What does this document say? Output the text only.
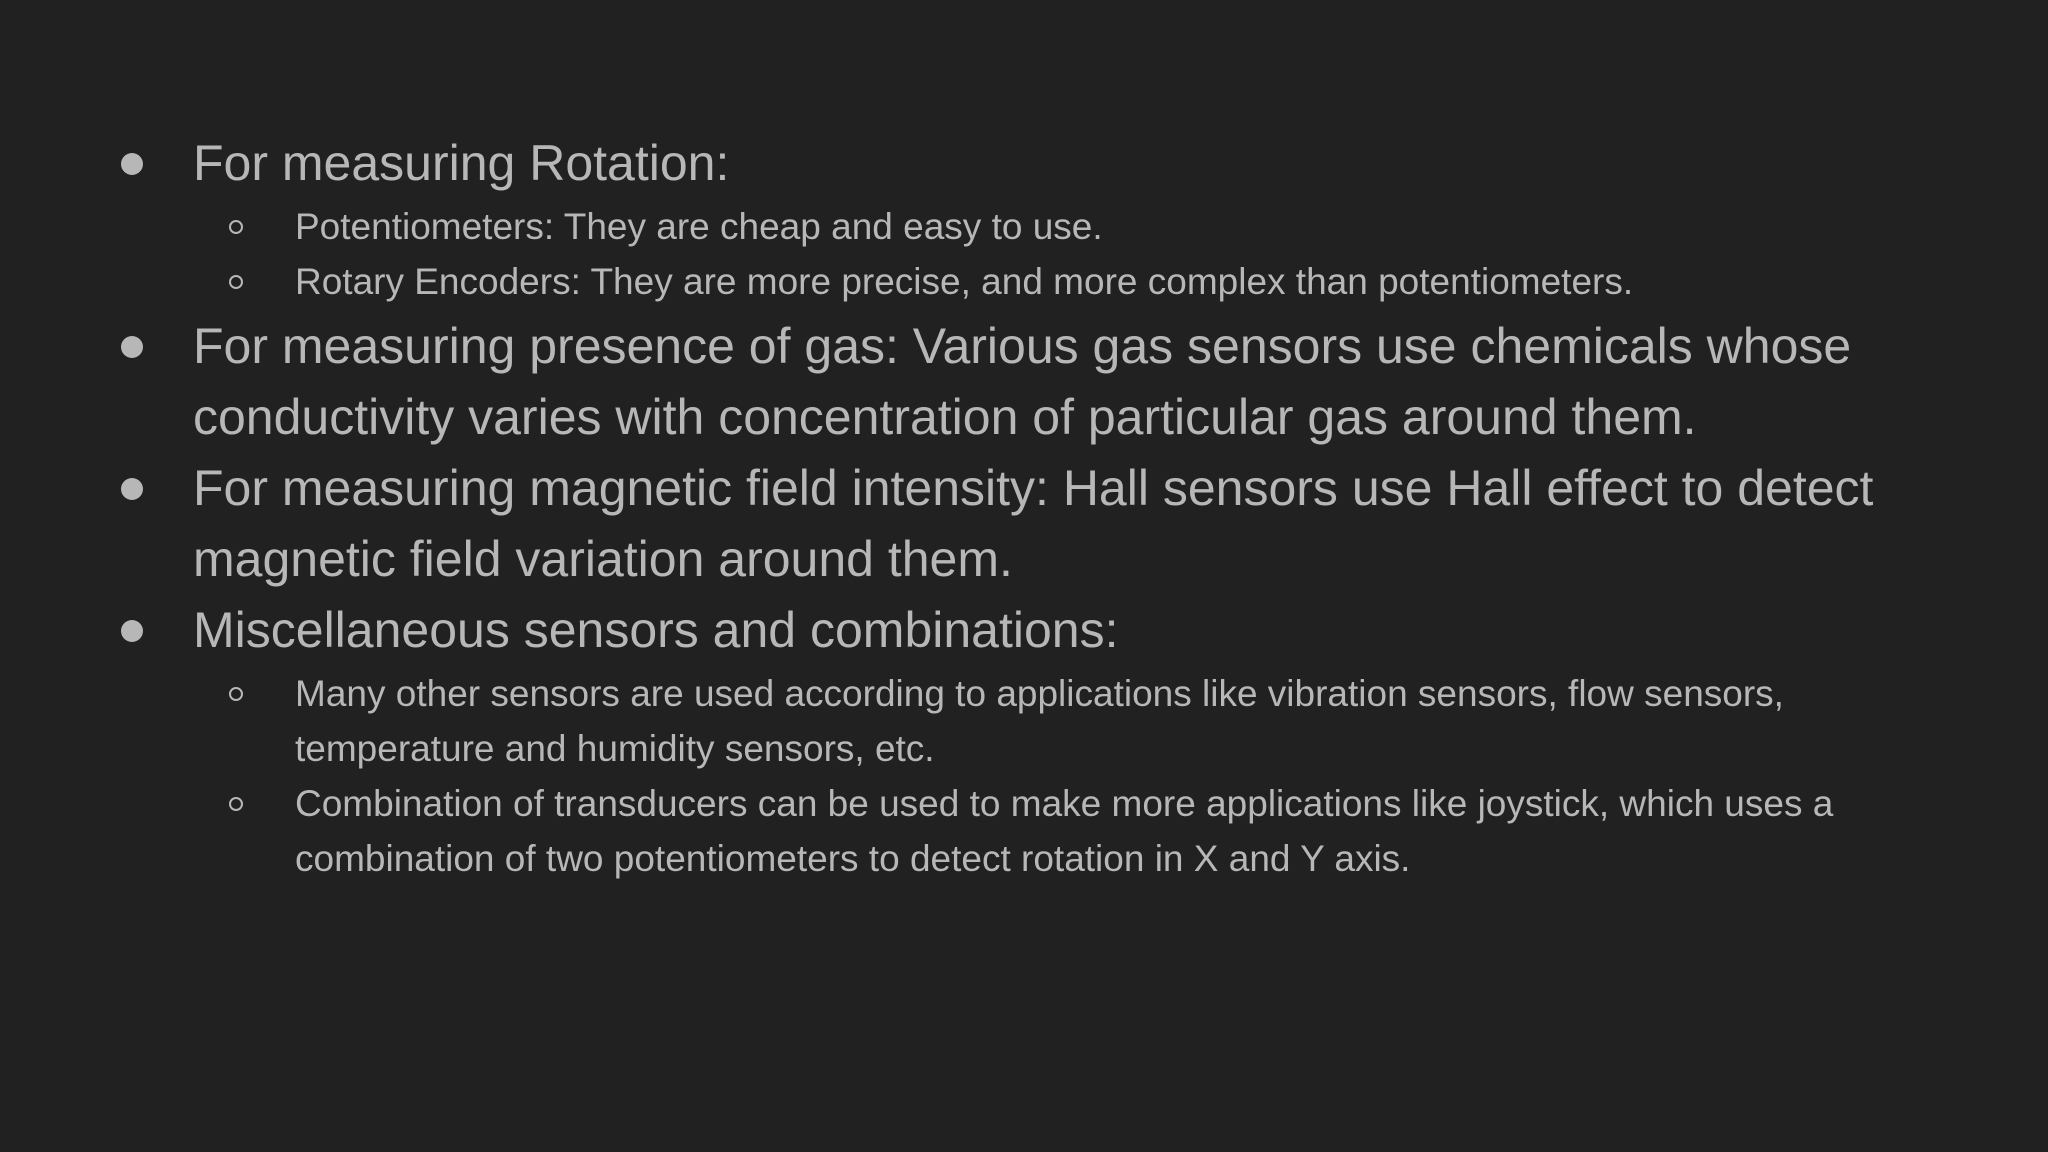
For measuring Rotation:
Potentiometers: They are cheap and easy to use.
Rotary Encoders: They are more precise, and more complex than potentiometers.
For measuring presence of gas: Various gas sensors use chemicals whose conductivity varies with concentration of particular gas around them.
For measuring magnetic field intensity: Hall sensors use Hall effect to detect magnetic field variation around them.
Miscellaneous sensors and combinations:
Many other sensors are used according to applications like vibration sensors, flow sensors, temperature and humidity sensors, etc.
Combination of transducers can be used to make more applications like joystick, which uses a combination of two potentiometers to detect rotation in X and Y axis.
